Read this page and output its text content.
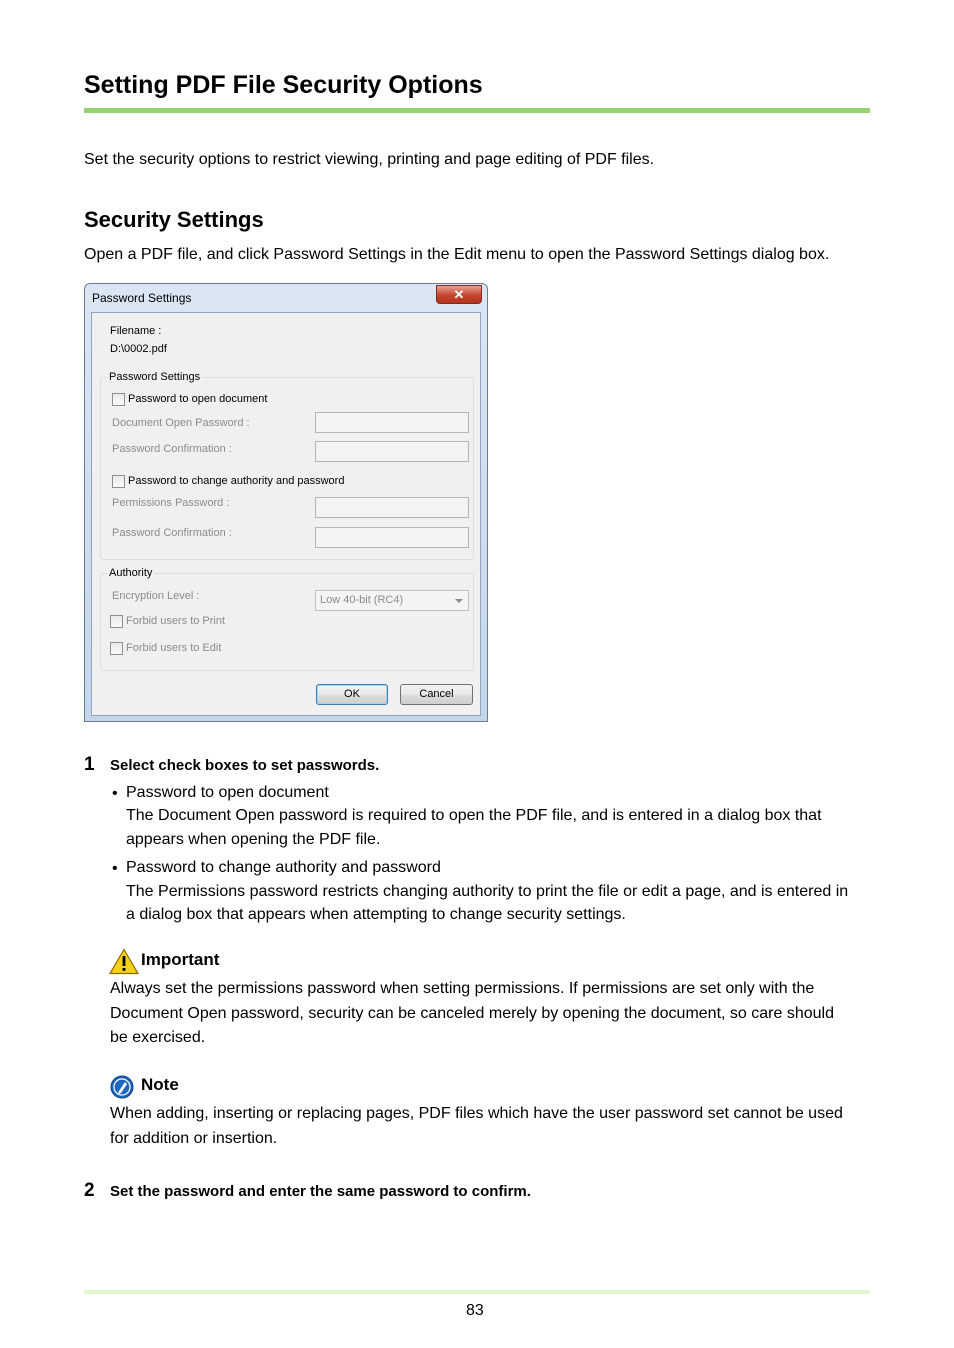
Setting PDF File Security Options
Set the security options to restrict viewing, printing and page editing of PDF files.
Security Settings
Open a PDF file, and click Password Settings in the Edit menu to open the Password Settings dialog box.
Password Settings	✕
Filename :
D:\0002.pdf
Password Settings
Password to open document
Document Open Password :
Password Confirmation :
Password to change authority and password
Permissions Password :
Password Confirmation :
Authority
Encryption Level :	Low 40-bit (RC4)
Forbid users to Print
Forbid users to Edit
OK	Cancel
1 Select check boxes to set passwords.
• Password to open document
The Document Open password is required to open the PDF file, and is entered in a dialog box that
appears when opening the PDF file.
• Password to change authority and password
The Permissions password restricts changing authority to print the file or edit a page, and is entered in
a dialog box that appears when attempting to change security settings.
Important
Always set the permissions password when setting permissions. If permissions are set only with the
Document Open password, security can be canceled merely by opening the document, so care should
be exercised.
Note
When adding, inserting or replacing pages, PDF files which have the user password set cannot be used
for addition or insertion.
2 Set the password and enter the same password to confirm.
83
